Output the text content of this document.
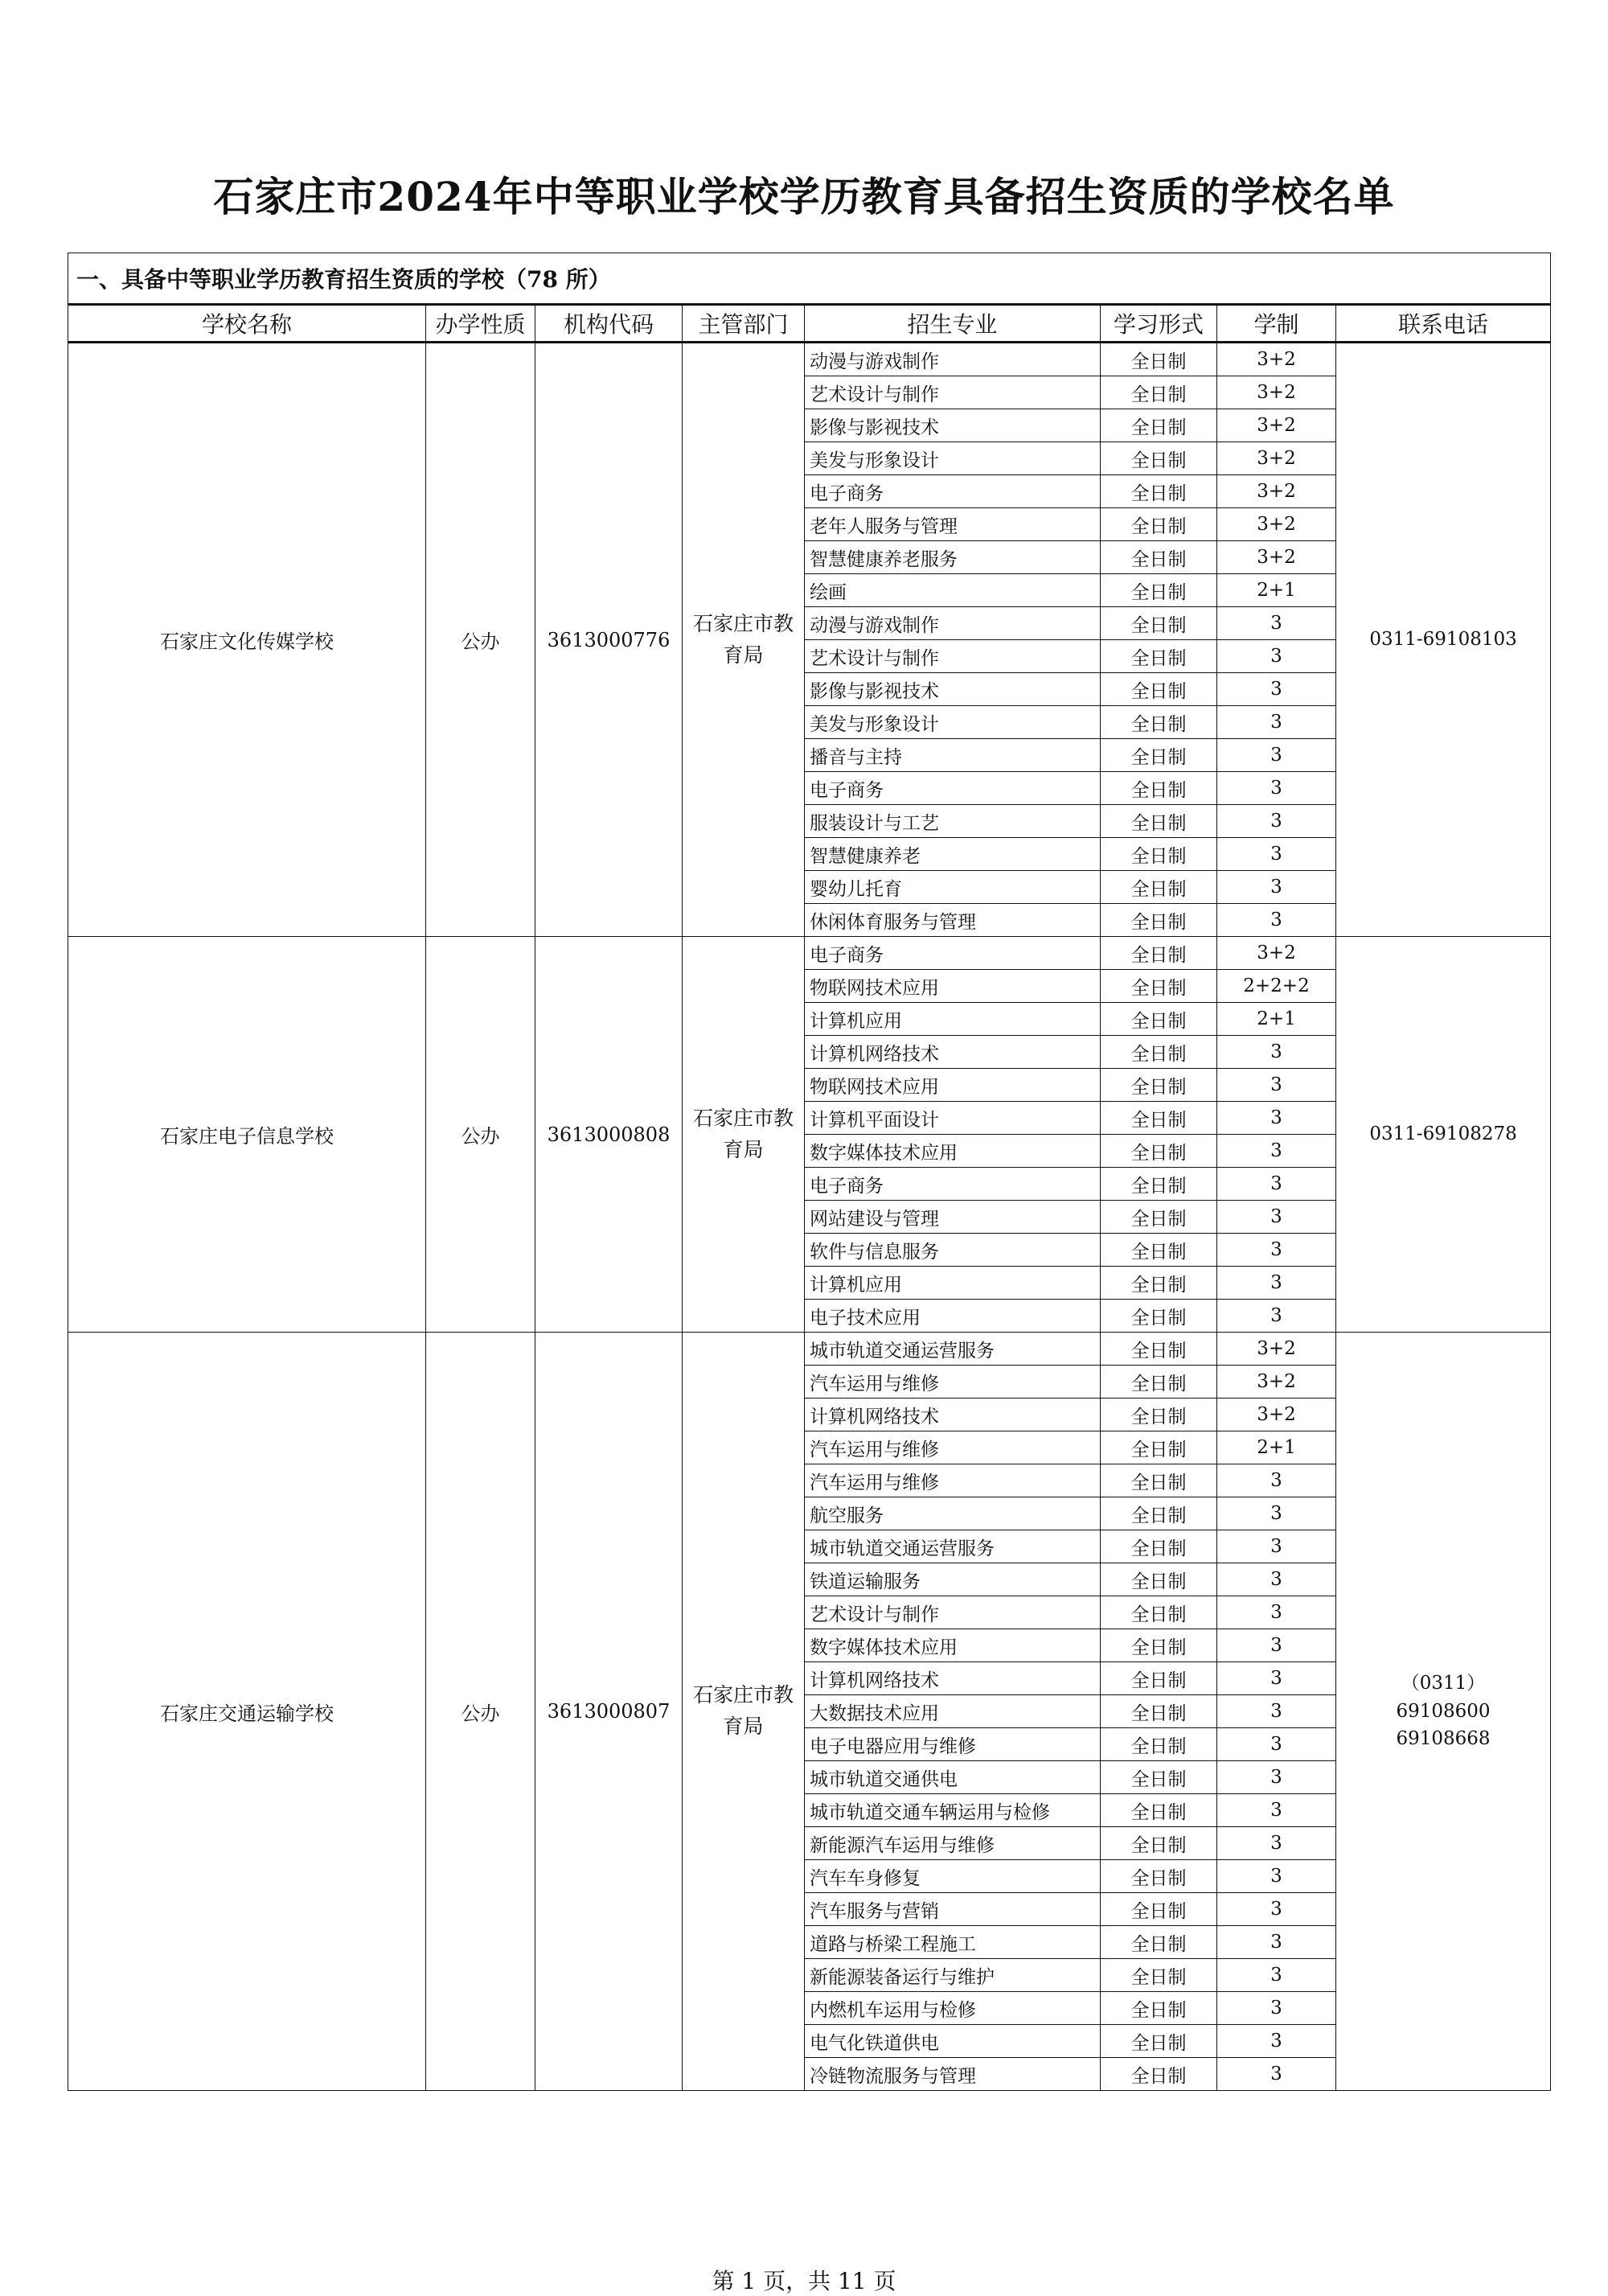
石家庄市2024年中等职业学校学历教育具备招生资质的学校名单
一、具备中等职业学历教育招生资质的学校（78 所）							
学校名称	办学性质	机构代码	主管部门	招生专业	学习形式	学制	联系电话
石家庄文化传媒学校	公办	3613000776	石家庄市教育局	动漫与游戏制作	全日制	3+2	0311-69108103

				艺术设计与制作	全日制	3+2	
				影像与影视技术	全日制	3+2	
				美发与形象设计	全日制	3+2	
				电子商务	全日制	3+2	
				老年人服务与管理	全日制	3+2	
				智慧健康养老服务	全日制	3+2	
				绘画	全日制	2+1	
				动漫与游戏制作	全日制	3	
				艺术设计与制作	全日制	3	
				影像与影视技术	全日制	3	
				美发与形象设计	全日制	3	
				播音与主持	全日制	3	
				电子商务	全日制	3	
				服装设计与工艺	全日制	3	
				智慧健康养老	全日制	3	
				婴幼儿托育	全日制	3	
				休闲体育服务与管理	全日制	3	
石家庄电子信息学校	公办	3613000808	石家庄市教育局	电子商务	全日制	3+2	0311-69108278

				物联网技术应用	全日制	2+2+2	
				计算机应用	全日制	2+1	
				计算机网络技术	全日制	3	
				物联网技术应用	全日制	3	
				计算机平面设计	全日制	3	
				数字媒体技术应用	全日制	3	
				电子商务	全日制	3	
				网站建设与管理	全日制	3	
				软件与信息服务	全日制	3	
				计算机应用	全日制	3	
				电子技术应用	全日制	3	
石家庄交通运输学校	公办	3613000807	石家庄市教育局	城市轨道交通运营服务	全日制	3+2	（0311）
69108600
69108668

				汽车运用与维修	全日制	3+2	
				计算机网络技术	全日制	3+2	
				汽车运用与维修	全日制	2+1	
				汽车运用与维修	全日制	3	
				航空服务	全日制	3	
				城市轨道交通运营服务	全日制	3	
				铁道运输服务	全日制	3	
				艺术设计与制作	全日制	3	
				数字媒体技术应用	全日制	3	
				计算机网络技术	全日制	3	
				大数据技术应用	全日制	3	
				电子电器应用与维修	全日制	3	
				城市轨道交通供电	全日制	3	
				城市轨道交通车辆运用与检修	全日制	3	
				新能源汽车运用与维修	全日制	3	
				汽车车身修复	全日制	3	
				汽车服务与营销	全日制	3	
				道路与桥梁工程施工	全日制	3	
				新能源装备运行与维护	全日制	3	
				内燃机车运用与检修	全日制	3	
				电气化铁道供电	全日制	3	
				冷链物流服务与管理	全日制	3	
第 1 页，共 11 页
